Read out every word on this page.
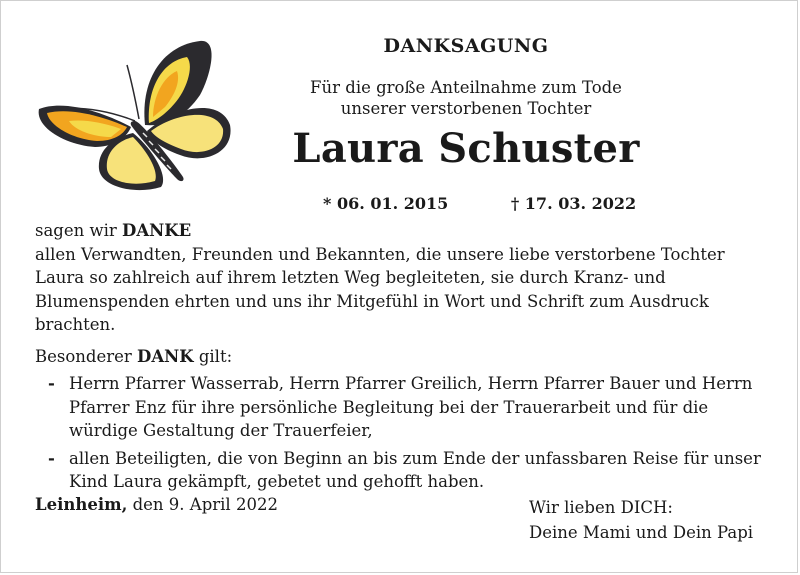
DANKSAGUNG
Für die große Anteilnahme zum Tode
unserer verstorbenen Tochter
Laura Schuster
* 06. 01. 2015	† 17. 03. 2022

sagen wir DANKE

allen Verwandten, Freunden und Bekannten, die unsere liebe verstorbene Tochter Laura so zahlreich auf ihrem letzten Weg begleiteten, sie durch Kranz- und Blumenspenden ehrten und uns ihr Mitgefühl in Wort und Schrift zum Ausdruck brachten.

Besonderer DANK gilt:

- Herrn Pfarrer Wasserrab, Herrn Pfarrer Greilich, Herrn Pfarrer Bauer und Herrn Pfarrer Enz für ihre persönliche Begleitung bei der Trauerarbeit und für die würdige Gestaltung der Trauerfeier,
- allen Beteiligten, die von Beginn an bis zum Ende der unfassbaren Reise für unser Kind Laura gekämpft, gebetet und gehofft haben.
Leinheim, den 9. April 2022	Wir lieben DICH:
Deine Mami und Dein Papi
